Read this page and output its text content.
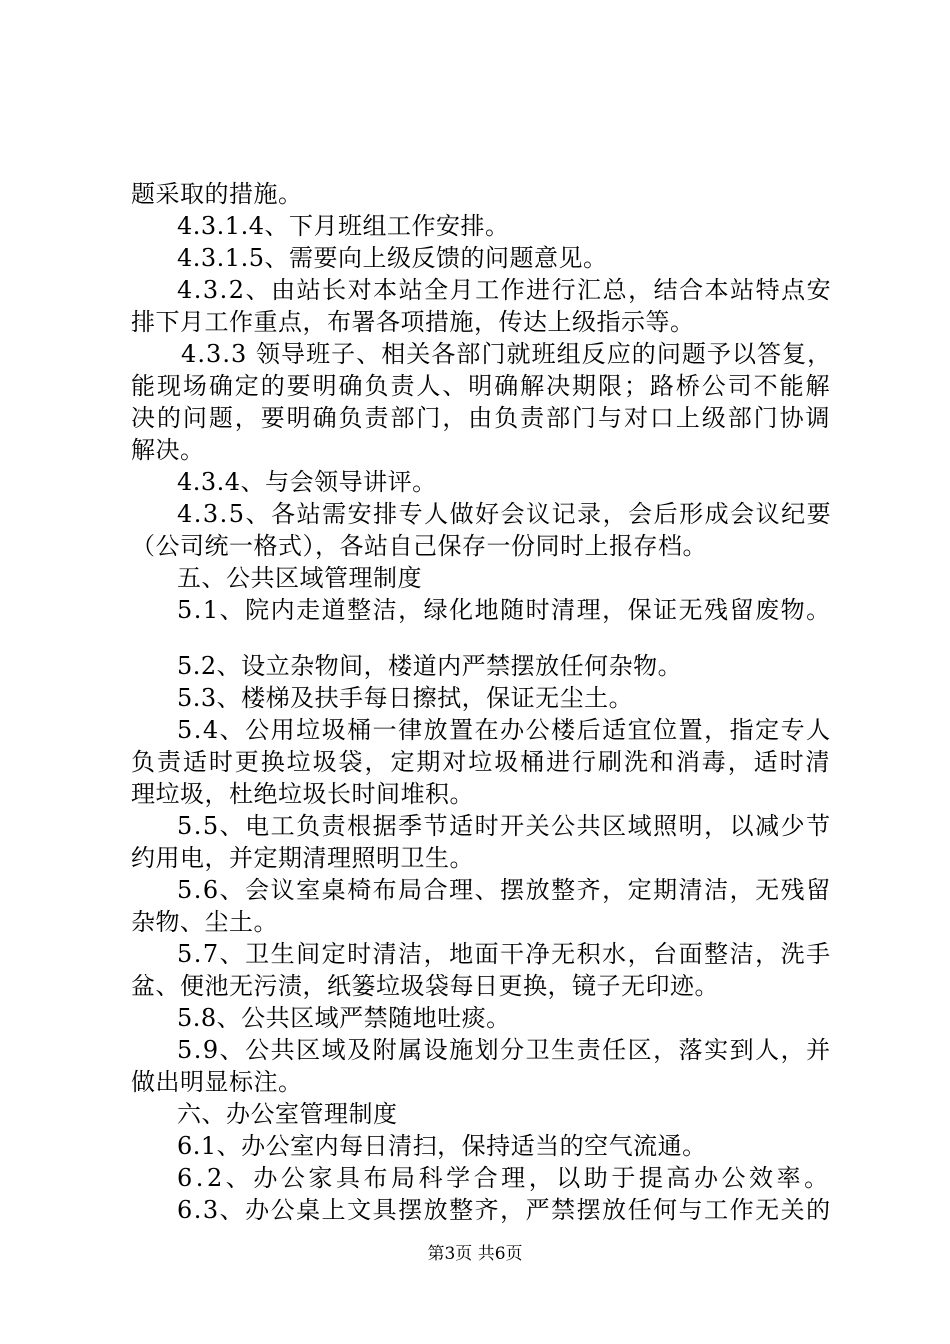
题采取的措施。
4.3.1.4、下月班组工作安排。
4.3.1.5、需要向上级反馈的问题意见。
4.3.2、由站长对本站全月工作进行汇总，结合本站特点安
排下月工作重点，布署各项措施，传达上级指示等。
4.3.3 领导班子、相关各部门就班组反应的问题予以答复，
能现场确定的要明确负责人、明确解决期限；路桥公司不能解
决的问题，要明确负责部门，由负责部门与对口上级部门协调
解决。
4.3.4、与会领导讲评。
4.3.5、各站需安排专人做好会议记录，会后形成会议纪要
（公司统一格式），各站自己保存一份同时上报存档。
五、公共区域管理制度
5.1、院内走道整洁，绿化地随时清理，保证无残留废物。
5.2、设立杂物间，楼道内严禁摆放任何杂物。
5.3、楼梯及扶手每日擦拭，保证无尘土。
5.4、公用垃圾桶一律放置在办公楼后适宜位置，指定专人
负责适时更换垃圾袋，定期对垃圾桶进行刷洗和消毒，适时清
理垃圾，杜绝垃圾长时间堆积。
5.5、电工负责根据季节适时开关公共区域照明，以减少节
约用电，并定期清理照明卫生。
5.6、会议室桌椅布局合理、摆放整齐，定期清洁，无残留
杂物、尘土。
5.7、卫生间定时清洁，地面干净无积水，台面整洁，洗手
盆、便池无污渍，纸篓垃圾袋每日更换，镜子无印迹。
5.8、公共区域严禁随地吐痰。
5.9、公共区域及附属设施划分卫生责任区，落实到人，并
做出明显标注。
六、办公室管理制度
6.1、办公室内每日清扫，保持适当的空气流通。
6.2、办公家具布局科学合理，以助于提高办公效率。
6.3、办公桌上文具摆放整齐，严禁摆放任何与工作无关的
第3页 共6页
